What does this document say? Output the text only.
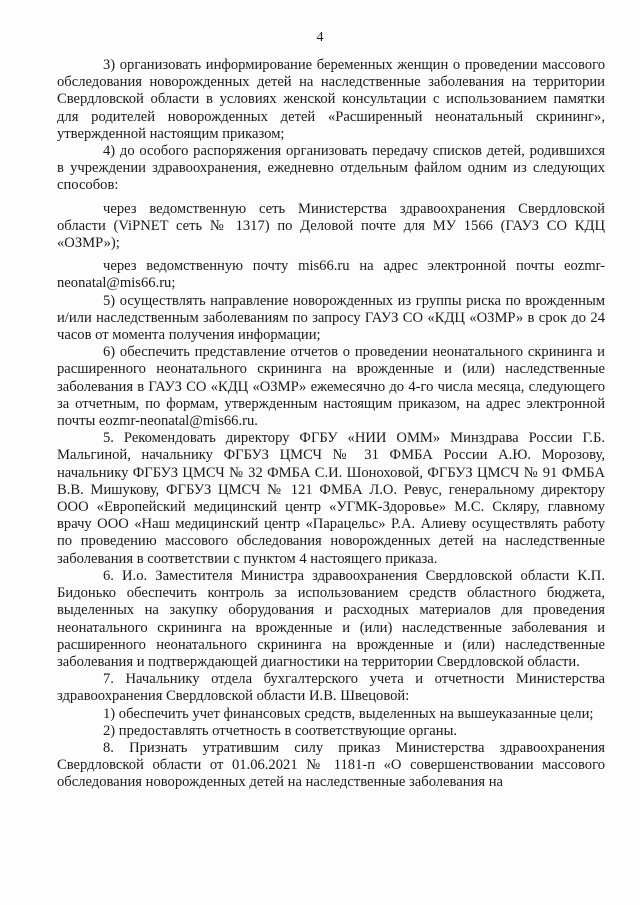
4

3) организовать информирование беременных женщин о проведении массового обследования новорожденных детей на наследственные заболевания на территории Свердловской области в условиях женской консультации с использованием памятки для родителей новорожденных детей «Расширенный неонатальный скрининг», утвержденной настоящим приказом;

4) до особого распоряжения организовать передачу списков детей, родившихся в учреждении здравоохранения, ежедневно отдельным файлом одним из следующих способов:

через ведомственную сеть Министерства здравоохранения Свердловской области (ViPNET сеть № 1317) по Деловой почте для МУ 1566 (ГАУЗ СО КДЦ «ОЗМР»);

через ведомственную почту mis66.ru на адрес электронной почты eozmr-neonatal@mis66.ru;

5) осуществлять направление новорожденных из группы риска по врожденным и/или наследственным заболеваниям по запросу ГАУЗ СО «КДЦ «ОЗМР» в срок до 24 часов от момента получения информации;

6) обеспечить представление отчетов о проведении неонатального скрининга и расширенного неонатального скрининга на врожденные и (или) наследственные заболевания в ГАУЗ СО «КДЦ «ОЗМР» ежемесячно до 4-го числа месяца, следующего за отчетным, по формам, утвержденным настоящим приказом, на адрес электронной почты eozmr-neonatal@mis66.ru.

5. Рекомендовать директору ФГБУ «НИИ ОММ» Минздрава России Г.Б. Мальгиной, начальнику ФГБУЗ ЦМСЧ № 31 ФМБА России А.Ю. Морозову, начальнику ФГБУЗ ЦМСЧ № 32 ФМБА С.И. Шоноховой, ФГБУЗ ЦМСЧ № 91 ФМБА В.В. Мишукову, ФГБУЗ ЦМСЧ № 121 ФМБА Л.О. Ревус, генеральному директору ООО «Европейский медицинский центр «УГМК-Здоровье» М.С. Скляру, главному врачу ООО «Наш медицинский центр «Парацельс» Р.А. Алиеву осуществлять работу по проведению массового обследования новорожденных детей на наследственные заболевания в соответствии с пунктом 4 настоящего приказа.

6. И.о. Заместителя Министра здравоохранения Свердловской области К.П. Бидонько обеспечить контроль за использованием средств областного бюджета, выделенных на закупку оборудования и расходных материалов для проведения неонатального скрининга на врожденные и (или) наследственные заболевания и расширенного неонатального скрининга на врожденные и (или) наследственные заболевания и подтверждающей диагностики на территории Свердловской области.

7. Начальнику отдела бухгалтерского учета и отчетности Министерства здравоохранения Свердловской области И.В. Швецовой:

1) обеспечить учет финансовых средств, выделенных на вышеуказанные цели;

2) предоставлять отчетность в соответствующие органы.

8. Признать утратившим силу приказ Министерства здравоохранения Свердловской области от 01.06.2021 № 1181-п «О совершенствовании массового обследования новорожденных детей на наследственные заболевания на
